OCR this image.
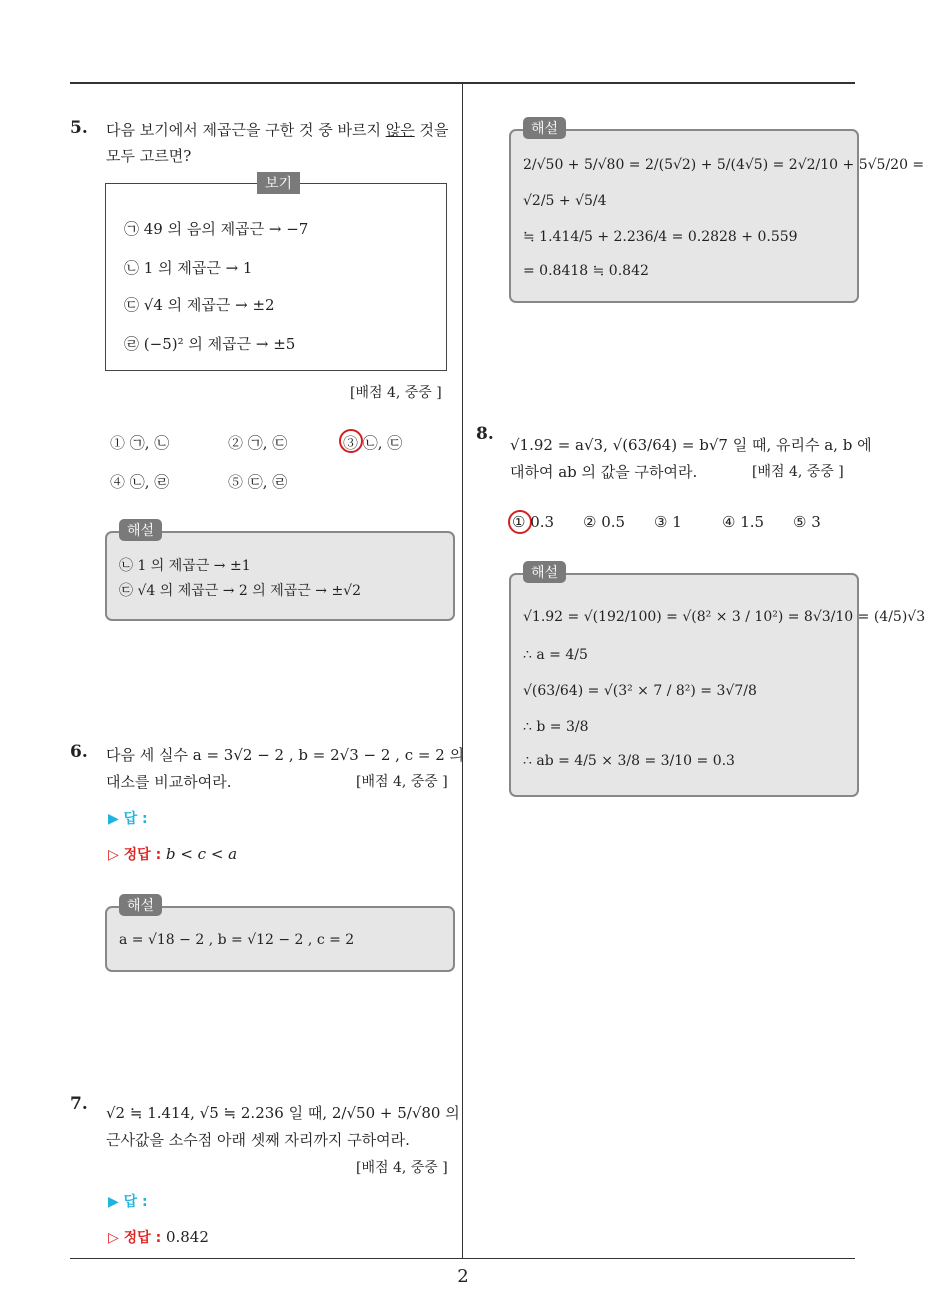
2
5. 다음 보기에서 제곱근을 구한 것 중 바르지 않은 것을
모두 고르면?
보기
㉠ 49 의 음의 제곱근 → −7
㉡ 1 의 제곱근 → 1
㉢ √4 의 제곱근 → ±2
㉣ (−5)² 의 제곱근 → ±5
[배점 4, 중중 ]
① ㉠, ㉡	② ㉠, ㉢	③ ㉡, ㉢
④ ㉡, ㉣	⑤ ㉢, ㉣
해설
㉡ 1 의 제곱근 → ±1
㉢ √4 의 제곱근 → 2 의 제곱근 → ±√2
6. 다음 세 실수 a = 3√2 − 2 , b = 2√3 − 2 , c = 2 의
대소를 비교하여라.	[배점 4, 중중 ]
▶ 답 :
▷ 정답 : b < c < a
해설
a = √18 − 2 , b = √12 − 2 , c = 2
7. √2 ≒ 1.414, √5 ≒ 2.236 일 때, 2/√50 + 5/√80 의
근사값을 소수점 아래 셋째 자리까지 구하여라.
[배점 4, 중중 ]
▶ 답 :
▷ 정답 : 0.842
해설
2/√50 + 5/√80 = 2/(5√2) + 5/(4√5) = 2√2/10 + 5√5/20 =
√2/5 + √5/4
≒ 1.414/5 + 2.236/4 = 0.2828 + 0.559
= 0.8418 ≒ 0.842
8.
√1.92 = a√3, √(63/64) = b√7 일 때, 유리수 a, b 에
대하여 ab 의 값을 구하여라.	[배점 4, 중중 ]
① 0.3 ② 0.5 ③ 1	④ 1.5 ⑤ 3
해설
√1.92 = √(192/100) = √(8² × 3 / 10²) = 8√3/10 = (4/5)√3
∴ a = 4/5
√(63/64) = √(3² × 7 / 8²) = 3√7/8
∴ b = 3/8
∴ ab = 4/5 × 3/8 = 3/10 = 0.3
